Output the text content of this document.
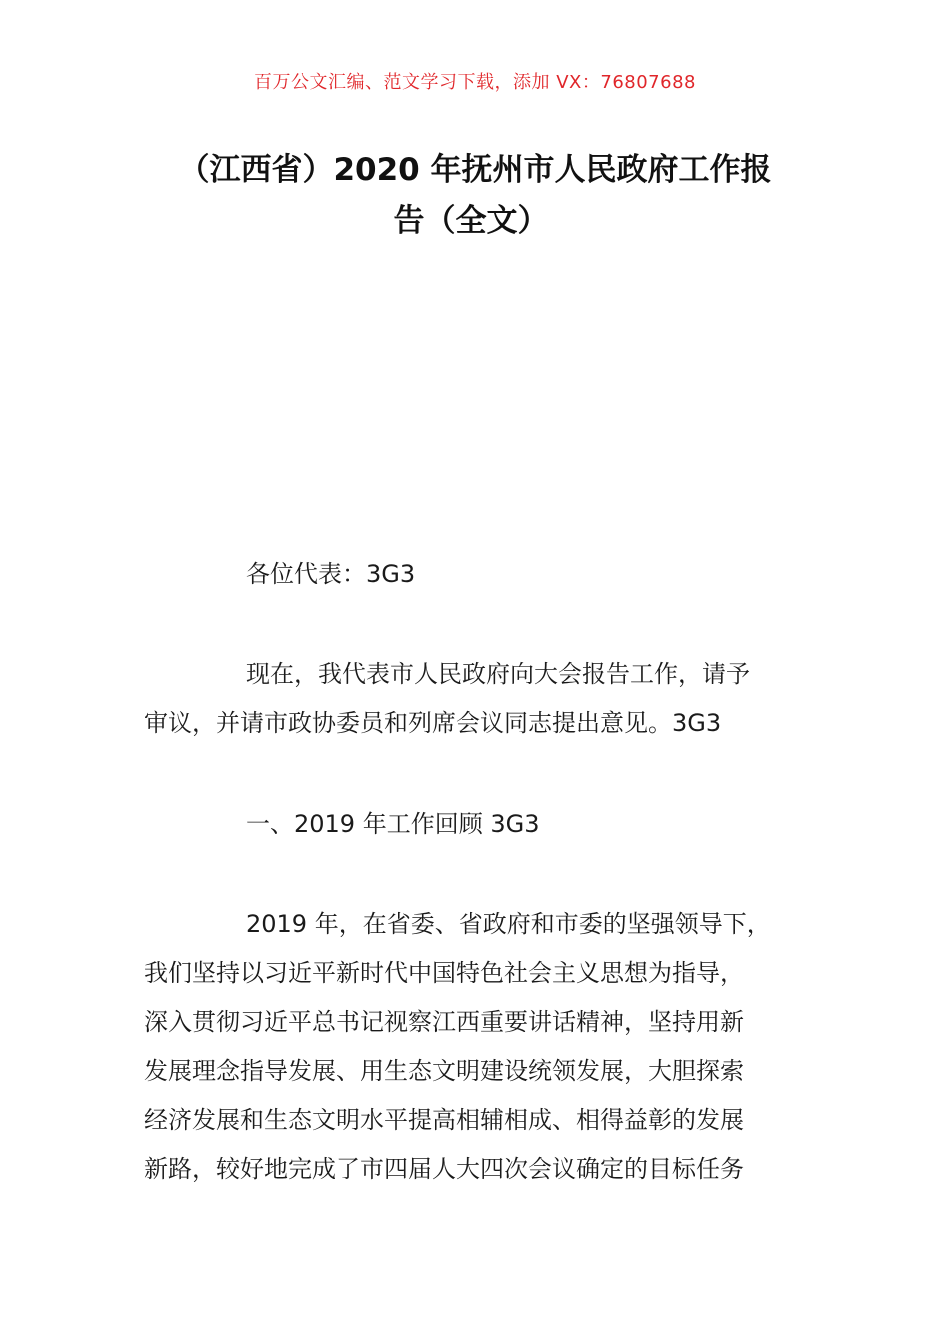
百万公文汇编、范文学习下载，添加 VX：76807688
（江西省）2020 年抚州市人民政府工作报
告（全文）

各位代表：3G3

现在，我代表市人民政府向大会报告工作，请予
审议，并请市政协委员和列席会议同志提出意见。3G3

一、2019 年工作回顾 3G3

2019 年，在省委、省政府和市委的坚强领导下，
我们坚持以习近平新时代中国特色社会主义思想为指导，
深入贯彻习近平总书记视察江西重要讲话精神，坚持用新
发展理念指导发展、用生态文明建设统领发展，大胆探索
经济发展和生态文明水平提高相辅相成、相得益彰的发展
新路，较好地完成了市四届人大四次会议确定的目标任务
